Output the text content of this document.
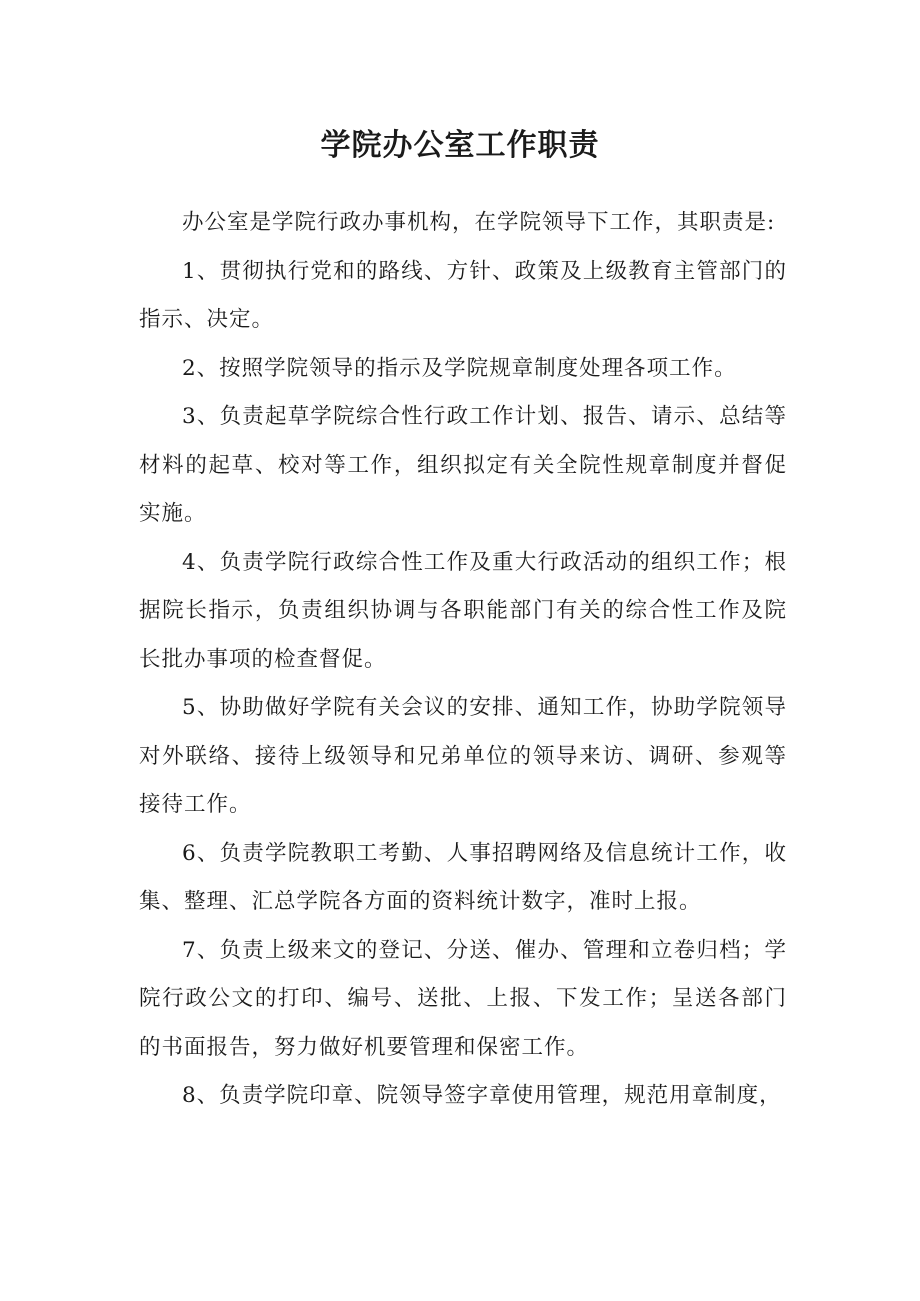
学院办公室工作职责

办公室是学院行政办事机构，在学院领导下工作，其职责是:

1、贯彻执行党和的路线、方针、政策及上级教育主管部门的指示、决定。

2、按照学院领导的指示及学院规章制度处理各项工作。

3、负责起草学院综合性行政工作计划、报告、请示、总结等材料的起草、校对等工作，组织拟定有关全院性规章制度并督促实施。

4、负责学院行政综合性工作及重大行政活动的组织工作；根据院长指示，负责组织协调与各职能部门有关的综合性工作及院长批办事项的检查督促。

5、协助做好学院有关会议的安排、通知工作，协助学院领导对外联络、接待上级领导和兄弟单位的领导来访、调研、参观等接待工作。

6、负责学院教职工考勤、人事招聘网络及信息统计工作，收集、整理、汇总学院各方面的资料统计数字，准时上报。

7、负责上级来文的登记、分送、催办、管理和立卷归档；学院行政公文的打印、编号、送批、上报、下发工作；呈送各部门的书面报告，努力做好机要管理和保密工作。

8、负责学院印章、院领导签字章使用管理，规范用章制度，
